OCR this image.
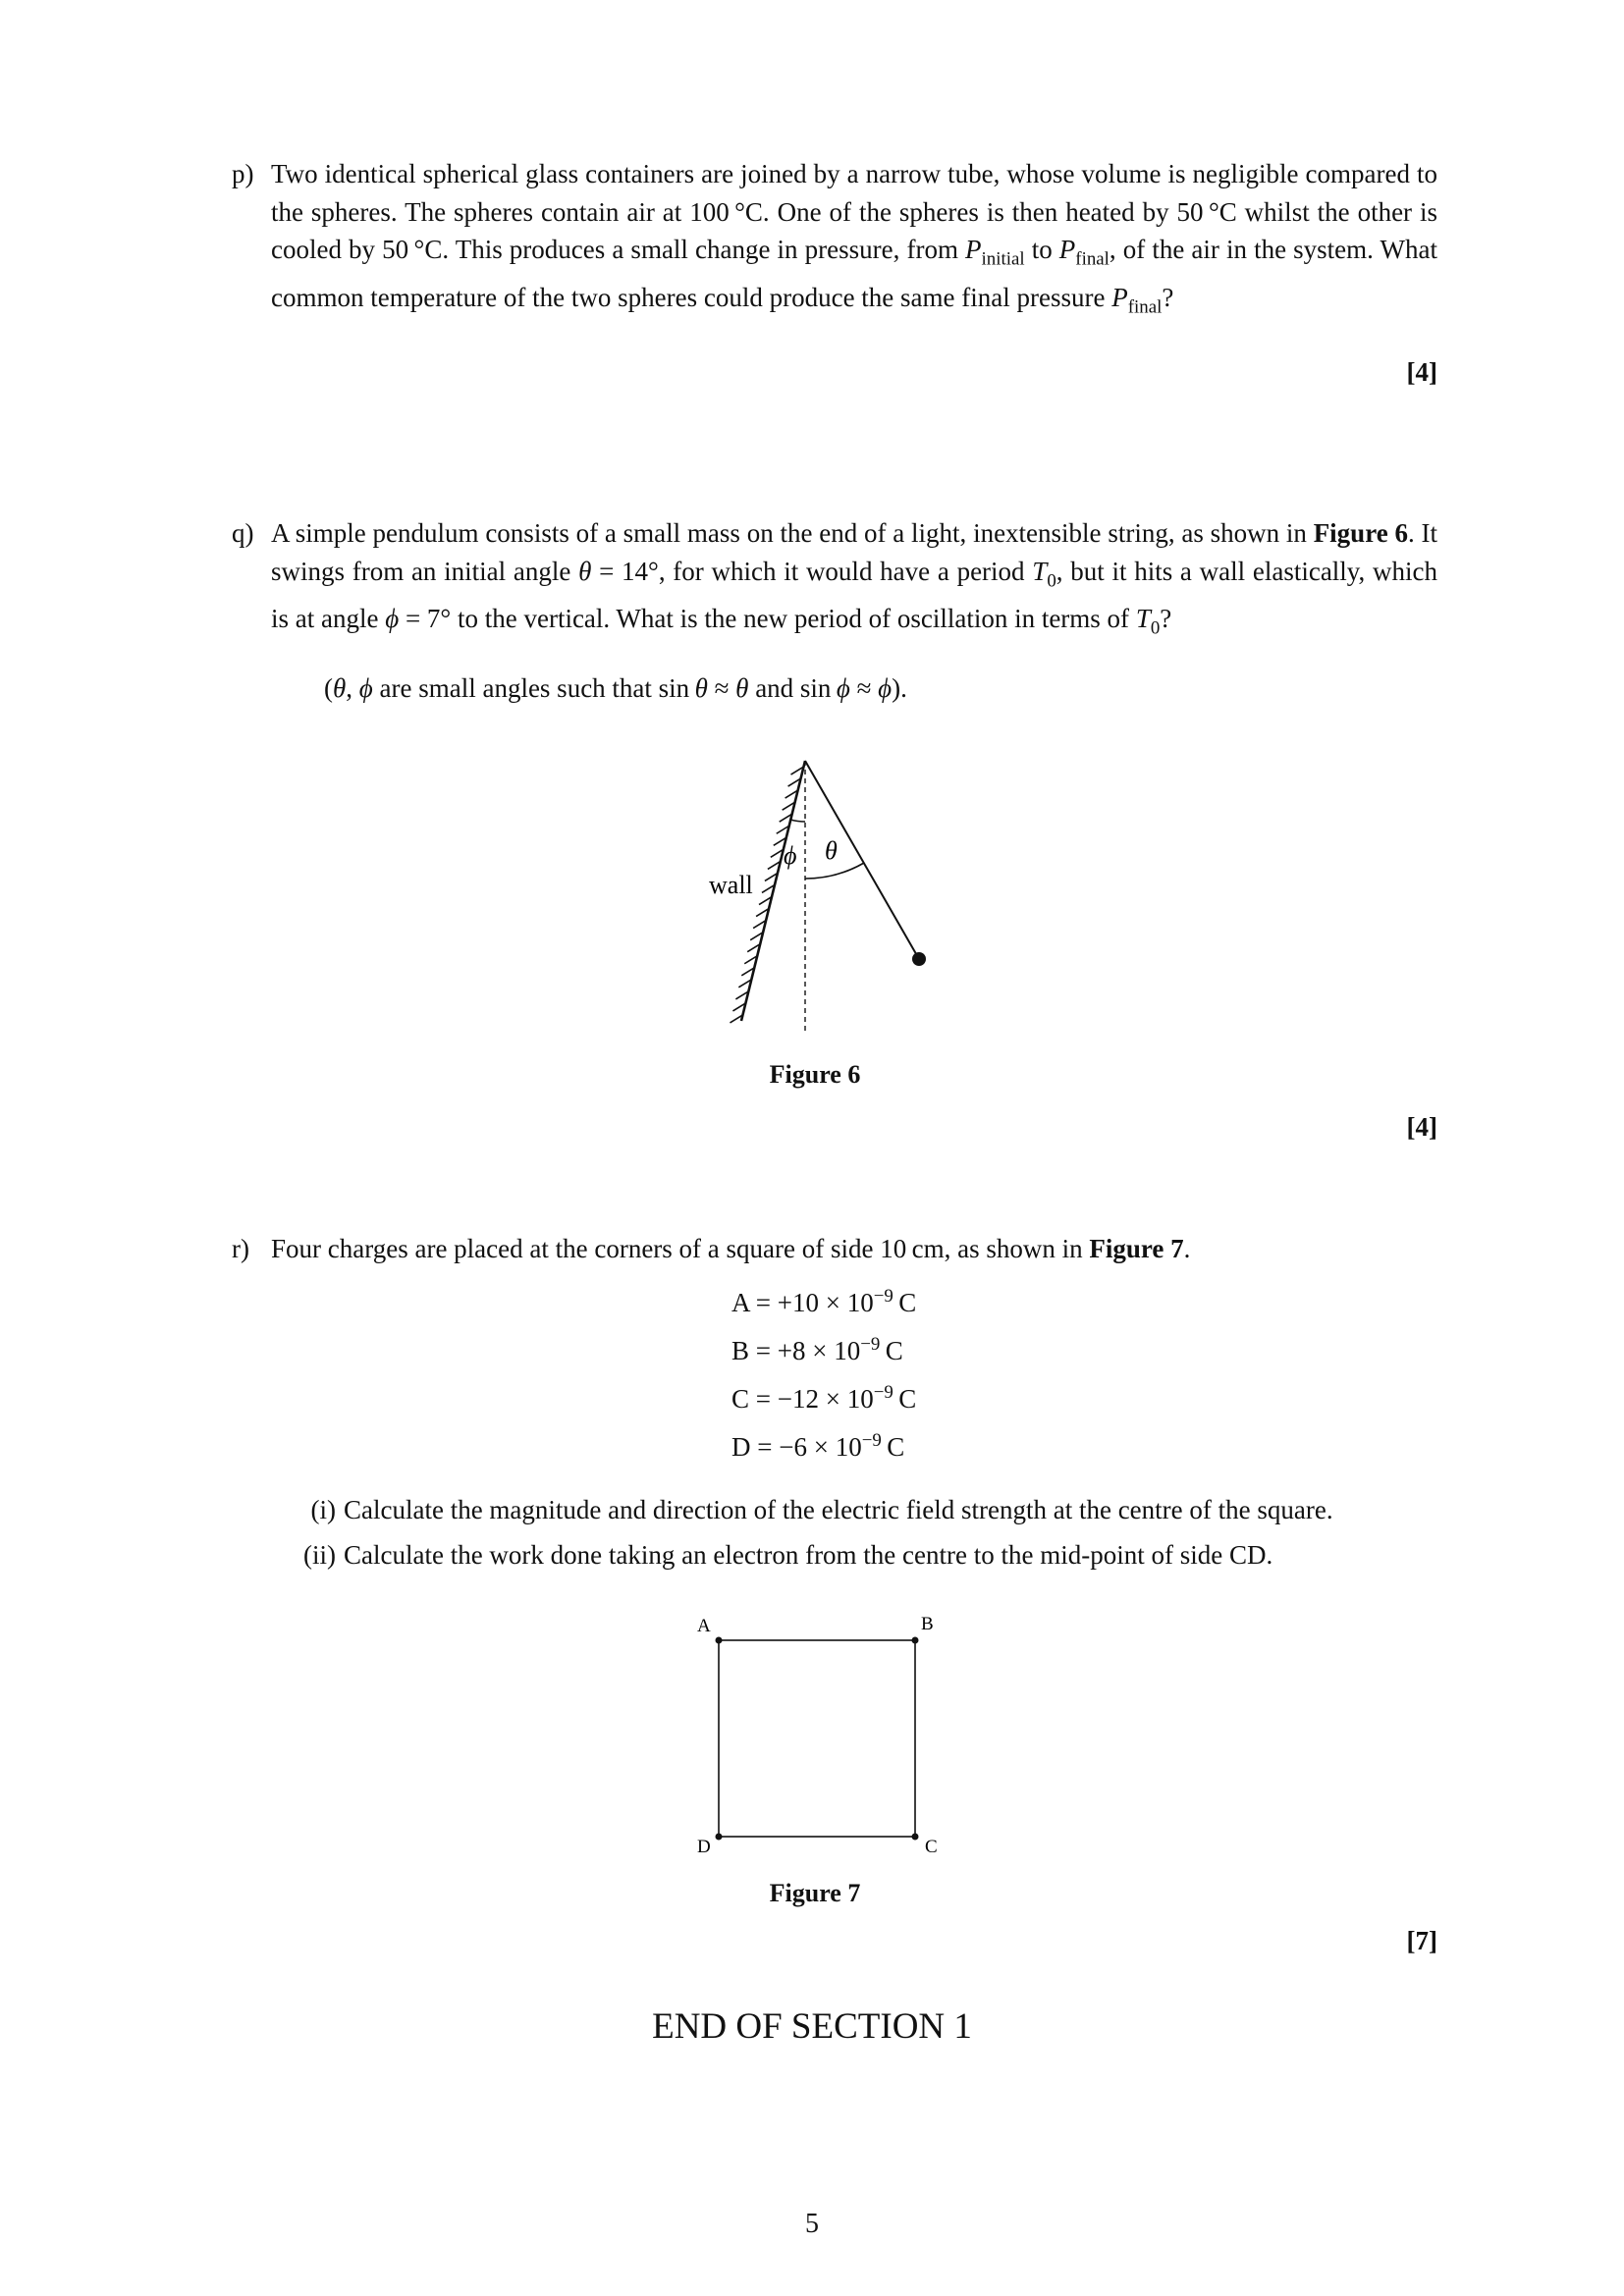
p) Two identical spherical glass containers are joined by a narrow tube, whose volume is negligible compared to the spheres. The spheres contain air at 100 °C. One of the spheres is then heated by 50 °C whilst the other is cooled by 50 °C. This produces a small change in pressure, from $P_{initial}$ to $P_{final}$, of the air in the system. What common temperature of the two spheres could produce the same final pressure $P_{final}$?
[4]
q) A simple pendulum consists of a small mass on the end of a light, inextensible string, as shown in Figure 6. It swings from an initial angle θ = 14°, for which it would have a period $T_0$, but it hits a wall elastically, which is at angle ϕ = 7° to the vertical. What is the new period of oscillation in terms of $T_0$?
(θ, ϕ are small angles such that sin θ ≈ θ and sin ϕ ≈ ϕ).
ϕ θ
wall
Figure 6
[4]
r) Four charges are placed at the corners of a square of side 10 cm, as shown in Figure 7.
$A = +10 \times 10^{-9}$  C
$B = +8 \times 10^{-9}$  C
$C = -12 \times 10^{-9}$  C
$D = -6 \times 10^{-9}$  C
(i) Calculate the magnitude and direction of the electric field strength at the centre of the square.
(ii) Calculate the work done taking an electron from the centre to the mid-point of side CD.
A	B
C
D
Figure 7
[7]
END OF SECTION 1
5
